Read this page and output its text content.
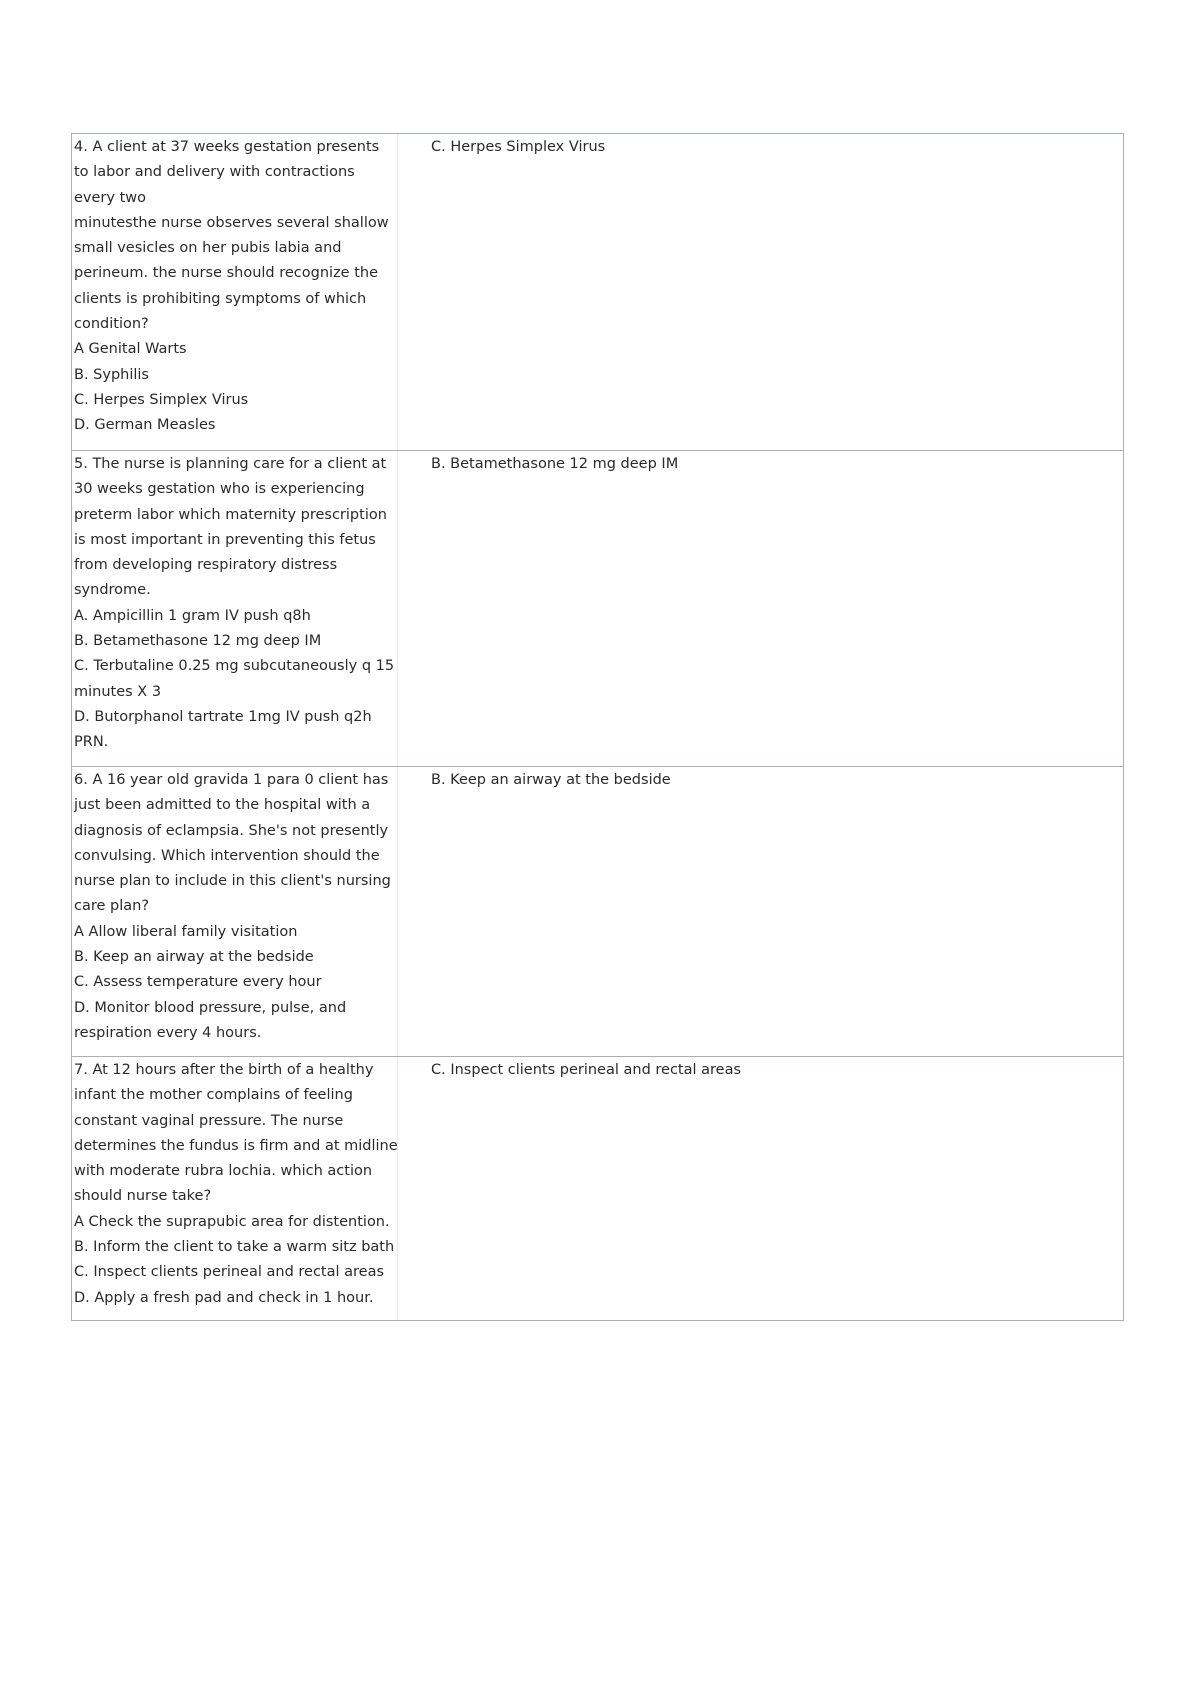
4. A client at 37 weeks gestation presents
to labor and delivery with contractions
every two
minutesthe nurse observes several shallow
small vesicles on her pubis labia and
perineum. the nurse should recognize the
clients is prohibiting symptoms of which
condition?
A Genital Warts
B. Syphilis
C. Herpes Simplex Virus
D. German Measles
C. Herpes Simplex Virus
5. The nurse is planning care for a client at
30 weeks gestation who is experiencing
preterm labor which maternity prescription
is most important in preventing this fetus
from developing respiratory distress
syndrome.
A. Ampicillin 1 gram IV push q8h
B. Betamethasone 12 mg deep IM
C. Terbutaline 0.25 mg subcutaneously q 15
minutes X 3
D. Butorphanol tartrate 1mg IV push q2h
PRN.
B. Betamethasone 12 mg deep IM
6. A 16 year old gravida 1 para 0 client has
just been admitted to the hospital with a
diagnosis of eclampsia. She's not presently
convulsing. Which intervention should the
nurse plan to include in this client's nursing
care plan?
A Allow liberal family visitation
B. Keep an airway at the bedside
C. Assess temperature every hour
D. Monitor blood pressure, pulse, and
respiration every 4 hours.
B. Keep an airway at the bedside
7. At 12 hours after the birth of a healthy
infant the mother complains of feeling
constant vaginal pressure. The nurse
determines the fundus is firm and at midline
with moderate rubra lochia. which action
should nurse take?
A Check the suprapubic area for distention.
B. Inform the client to take a warm sitz bath
C. Inspect clients perineal and rectal areas
D. Apply a fresh pad and check in 1 hour.
C. Inspect clients perineal and rectal areas
